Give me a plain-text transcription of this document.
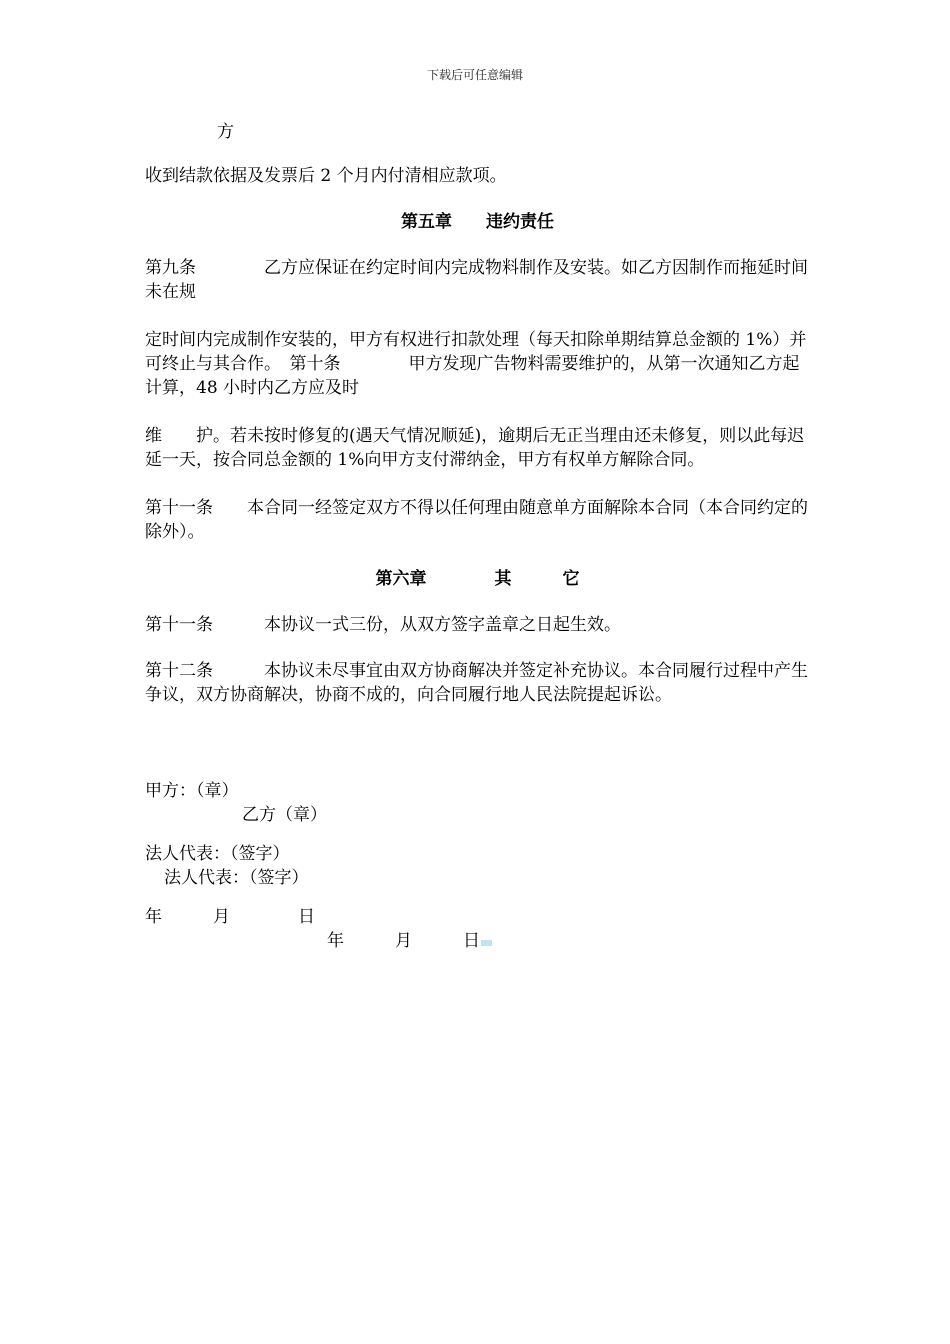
下载后可任意编辑

方

收到结款依据及发票后 2 个月内付清相应款项。

第五章　　违约责任

第九条　　　　乙方应保证在约定时间内完成物料制作及安装。如乙方因制作而拖延时间未在规

定时间内完成制作安装的，甲方有权进行扣款处理（每天扣除单期结算总金额的 1%）并可终止与其合作。　第十条　　　　甲方发现广告物料需要维护的，从第一次通知乙方起计算，48 小时内乙方应及时

维　　护。若未按时修复的(遇天气情况顺延)，逾期后无正当理由还未修复，则以此每迟延一天，按合同总金额的 1%向甲方支付滞纳金，甲方有权单方解除合同。

第十一条　　本合同一经签定双方不得以任何理由随意单方面解除本合同（本合同约定的除外）。

第六章　　　　其　　　它

第十一条　　　本协议一式三份，从双方签字盖章之日起生效。

第十二条　　　本协议未尽事宜由双方协商解决并签定补充协议。本合同履行过程中产生争议，双方协商解决，协商不成的，向合同履行地人民法院提起诉讼。

甲方：（章）

乙方（章）

法人代表：（签字）

法人代表：（签字）

年　　　月　　　　日

年　　　月　　　日
